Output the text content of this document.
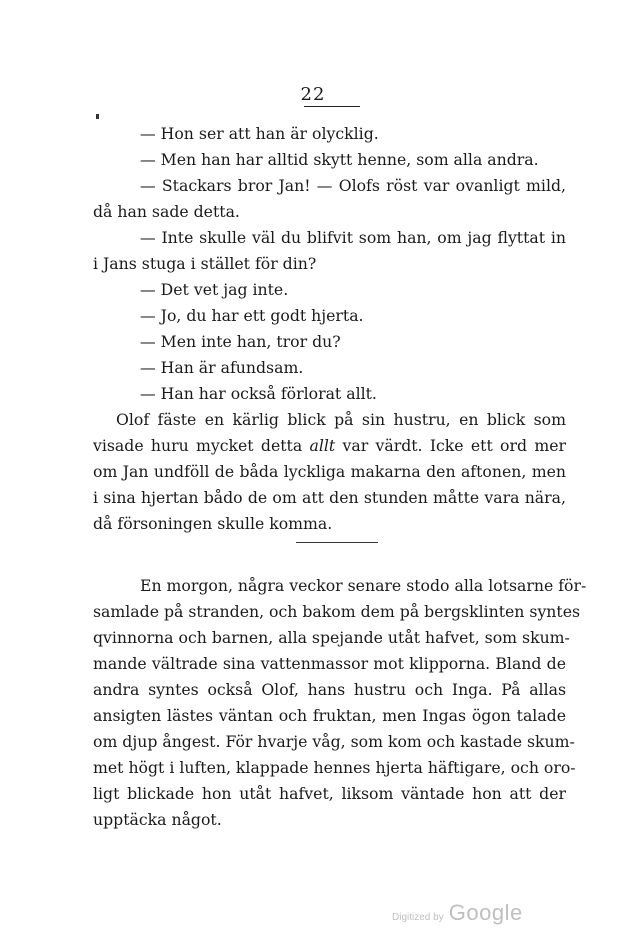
22
— Hon ser att han är olycklig.
— Men han har alltid skytt henne, som alla andra.
— Stackars bror Jan! — Olofs röst var ovanligt mild,
då han sade detta.
— Inte skulle väl du blifvit som han, om jag flyttat in
i Jans stuga i stället för din?
— Det vet jag inte.
— Jo, du har ett godt hjerta.
— Men inte han, tror du?
— Han är afundsam.
— Han har också förlorat allt.
Olof fäste en kärlig blick på sin hustru, en blick som
visade huru mycket detta allt var värdt. Icke ett ord mer
om Jan undföll de båda lyckliga makarna den aftonen, men
i sina hjertan bådo de om att den stunden måtte vara nära,
då försoningen skulle komma.
En morgon, några veckor senare stodo alla lotsarne för-
samlade på stranden, och bakom dem på bergsklinten syntes
qvinnorna och barnen, alla spejande utåt hafvet, som skum-
mande vältrade sina vattenmassor mot klipporna. Bland de
andra syntes också Olof, hans hustru och Inga. På allas
ansigten lästes väntan och fruktan, men Ingas ögon talade
om djup ångest. För hvarje våg, som kom och kastade skum-
met högt i luften, klappade hennes hjerta häftigare, och oro-
ligt blickade hon utåt hafvet, liksom väntade hon att der
upptäcka något.
Digitized by Google
